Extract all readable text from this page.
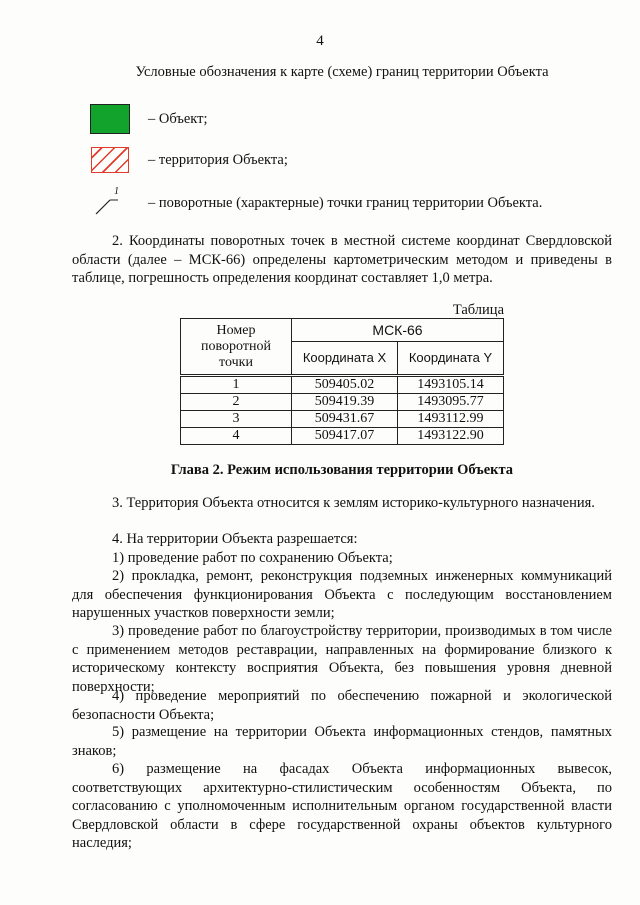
4
Условные обозначения к карте (схеме) границ территории Объекта
– Объект;
– территория Объекта;
1
– поворотные (характерные) точки границ территории Объекта.
2. Координаты поворотных точек в местной системе координат Свердловской области (далее – МСК-66) определены картометрическим методом и приведены в таблице, погрешность определения координат составляет 1,0 метра.
Таблица
Номер поворотной точки	МСК-66	
	Координата X	Координата Y
1	509405.02	1493105.14
2	509419.39	1493095.77
3	509431.67	1493112.99
4	509417.07	1493122.90
Глава 2. Режим использования территории Объекта
3. Территория Объекта относится к землям историко-культурного назначения.
4. На территории Объекта разрешается:
1) проведение работ по сохранению Объекта;
2) прокладка, ремонт, реконструкция подземных инженерных коммуникаций для обеспечения функционирования Объекта с последующим восстановлением нарушенных участков поверхности земли;
3) проведение работ по благоустройству территории, производимых в том числе с применением методов реставрации, направленных на формирование близкого к историческому контексту восприятия Объекта, без повышения уровня дневной поверхности;
4) проведение мероприятий по обеспечению пожарной и экологической безопасности Объекта;
5) размещение на территории Объекта информационных стендов, памятных знаков;
6) размещение на фасадах Объекта информационных вывесок, соответствующих архитектурно-стилистическим особенностям Объекта, по согласованию с уполномоченным исполнительным органом государственной власти Свердловской области в сфере государственной охраны объектов культурного наследия;
